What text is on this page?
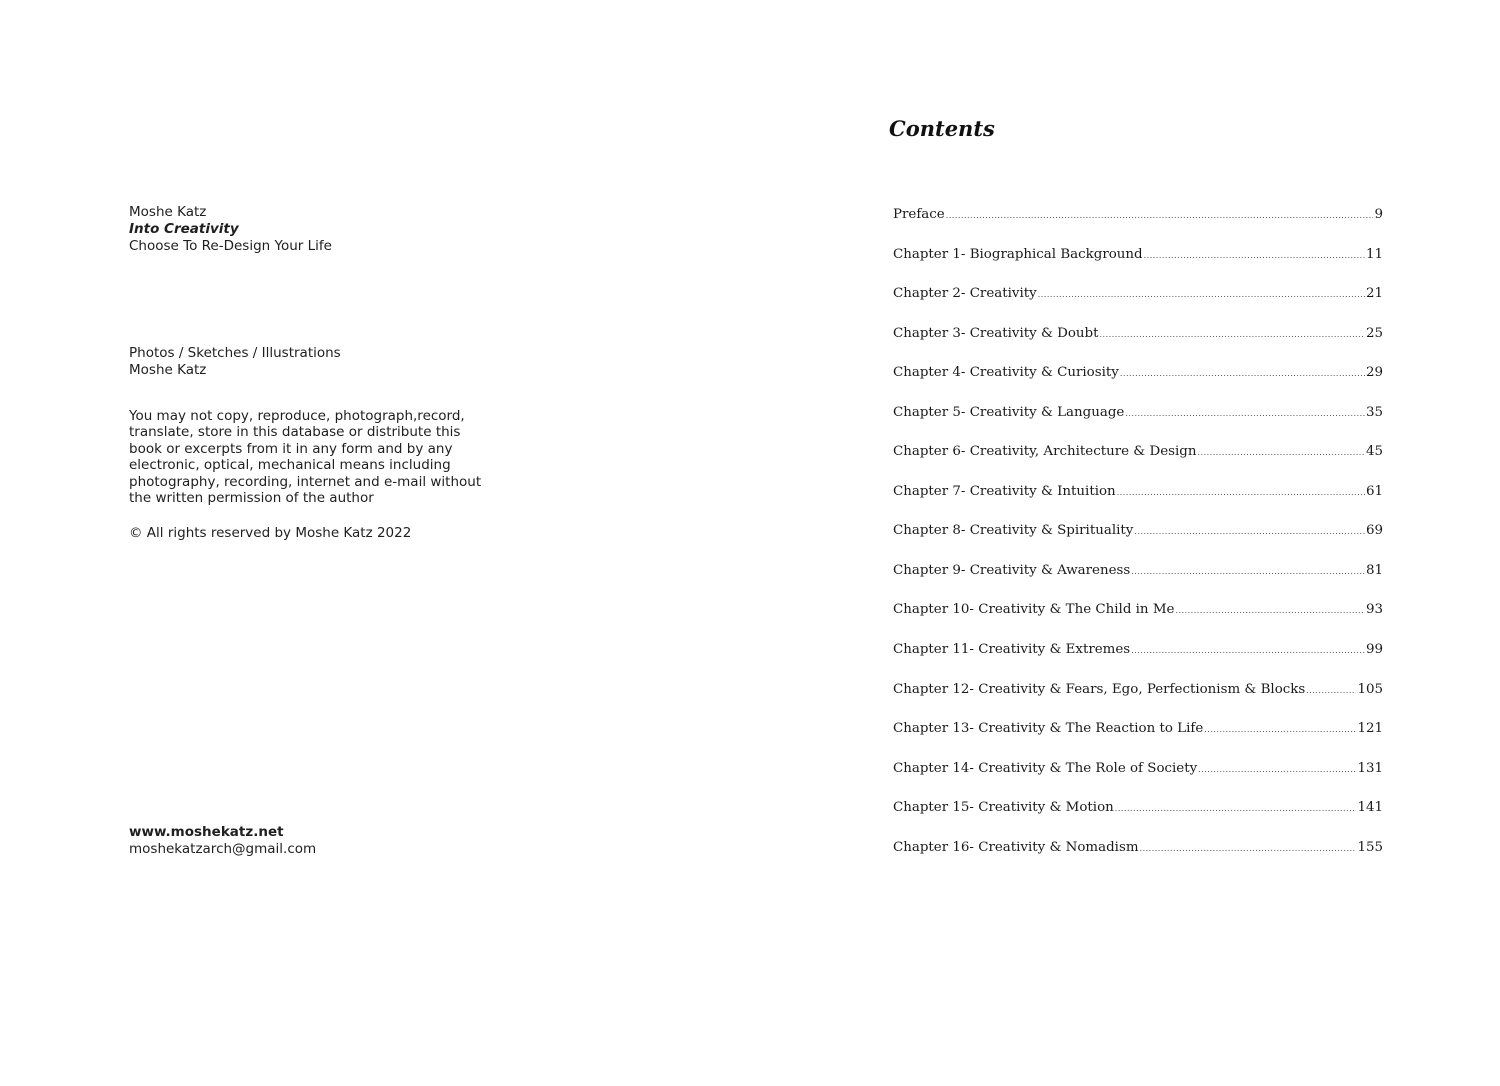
Moshe Katz
Into Creativity
Choose To Re-Design Your Life
Photos / Sketches / Illustrations
Moshe Katz
You may not copy, reproduce, photograph,record, translate, store in this database or distribute this book or excerpts from it in any form and by any electronic, optical, mechanical means including photography, recording, internet and e-mail without the written permission of the author
© All rights reserved by Moshe Katz 2022
www.moshekatz.net
moshekatzarch@gmail.com
Contents
Preface .....	9
Chapter 1- Biographical Background .....	11
Chapter 2- Creativity .....	21
Chapter 3- Creativity & Doubt .....	25
Chapter 4- Creativity & Curiosity .....	29
Chapter 5- Creativity & Language .....	35
Chapter 6- Creativity, Architecture & Design .....	45
Chapter 7- Creativity & Intuition .....	61
Chapter 8- Creativity & Spirituality .....	69
Chapter 9- Creativity & Awareness .....	81
Chapter 10- Creativity & The Child in Me .....	93
Chapter 11- Creativity & Extremes .....	99
Chapter 12- Creativity & Fears, Ego, Perfectionism & Blocks .....	105
Chapter 13- Creativity & The Reaction to Life .....	121
Chapter 14- Creativity & The Role of Society .....	131
Chapter 15- Creativity & Motion .....	141
Chapter 16- Creativity & Nomadism .....	155
